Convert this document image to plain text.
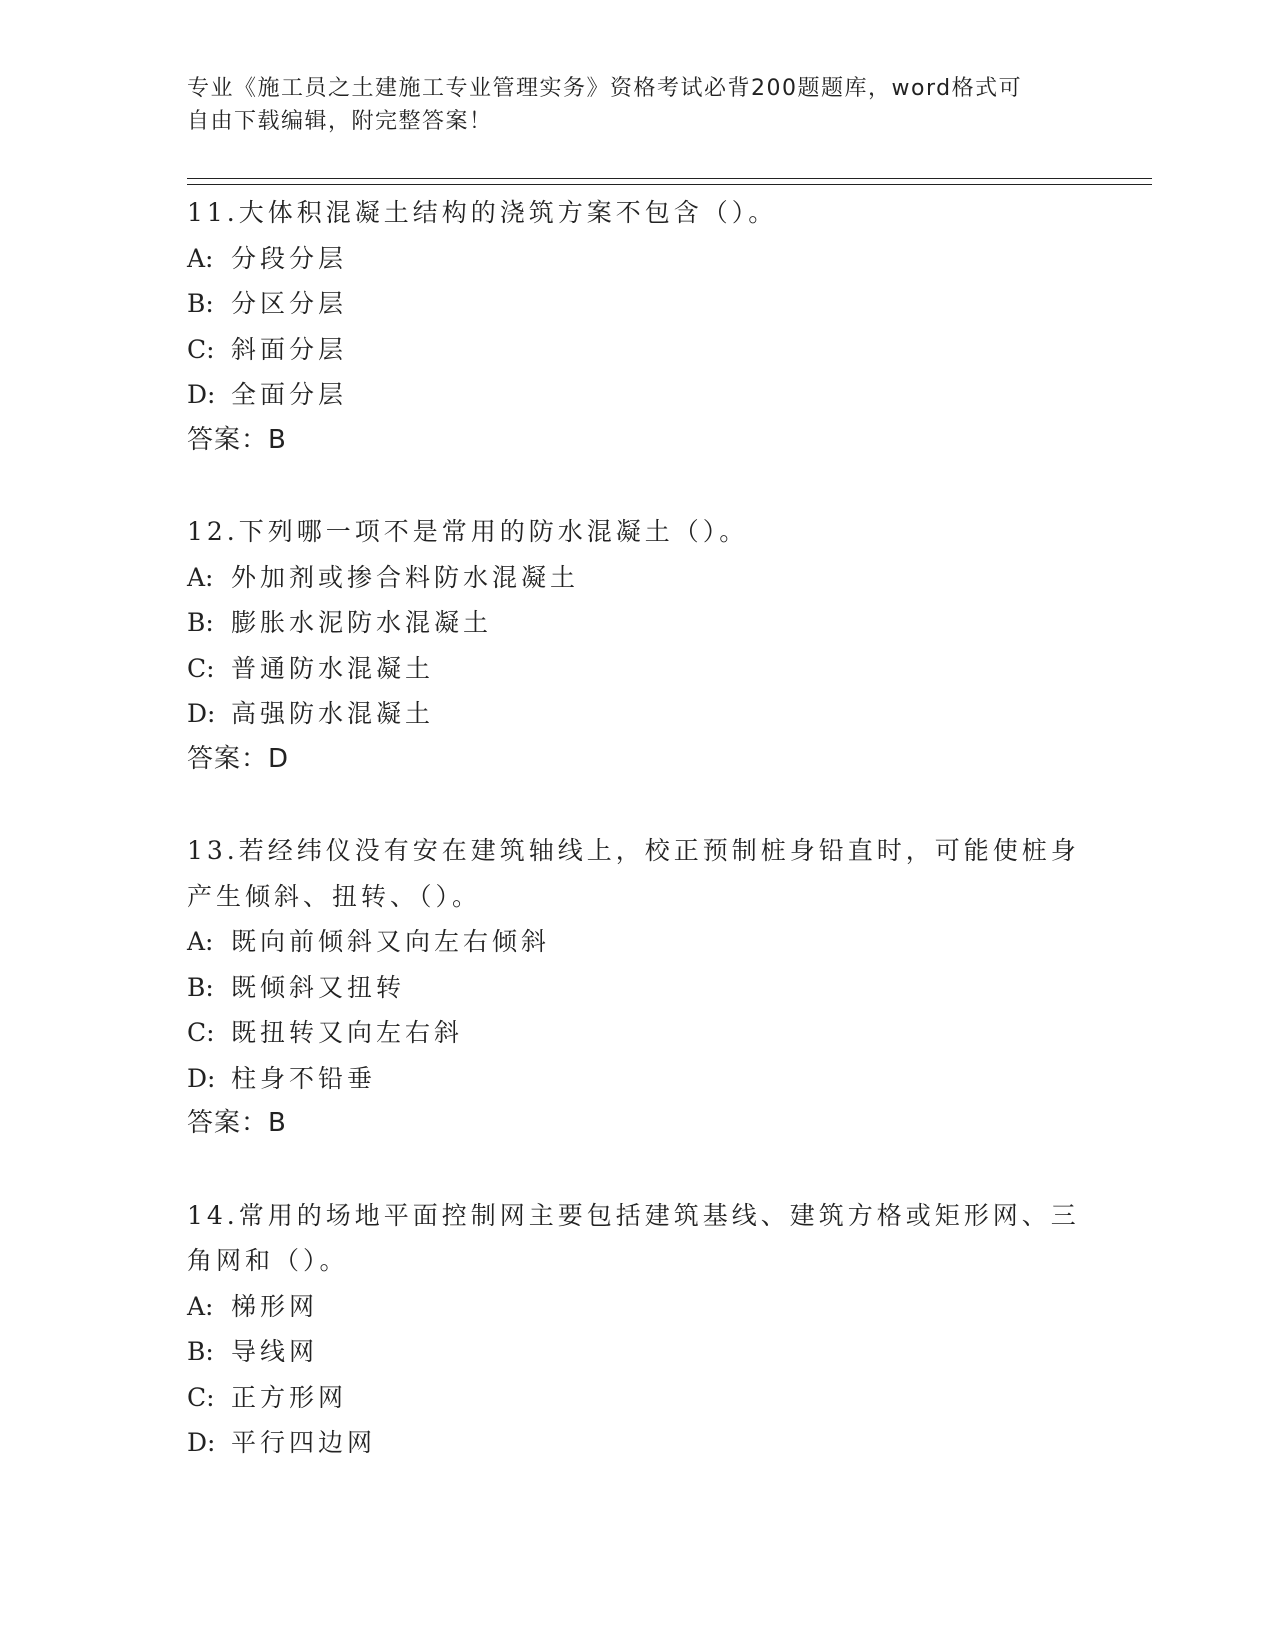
专业《施工员之土建施工专业管理实务》资格考试必背200题题库，word格式可
自由下载编辑，附完整答案！

11.大体积混凝土结构的浇筑方案不包含（）。

A: 分段分层

B: 分区分层

C: 斜面分层

D: 全面分层

答案：B

12.下列哪一项不是常用的防水混凝土（）。

A: 外加剂或掺合料防水混凝土

B: 膨胀水泥防水混凝土

C: 普通防水混凝土

D: 高强防水混凝土

答案：D

13.若经纬仪没有安在建筑轴线上，校正预制桩身铅直时，可能使桩身

产生倾斜、扭转、（）。

A: 既向前倾斜又向左右倾斜

B: 既倾斜又扭转

C: 既扭转又向左右斜

D: 柱身不铅垂

答案：B

14.常用的场地平面控制网主要包括建筑基线、建筑方格或矩形网、三

角网和（）。

A: 梯形网

B: 导线网

C: 正方形网

D: 平行四边网
